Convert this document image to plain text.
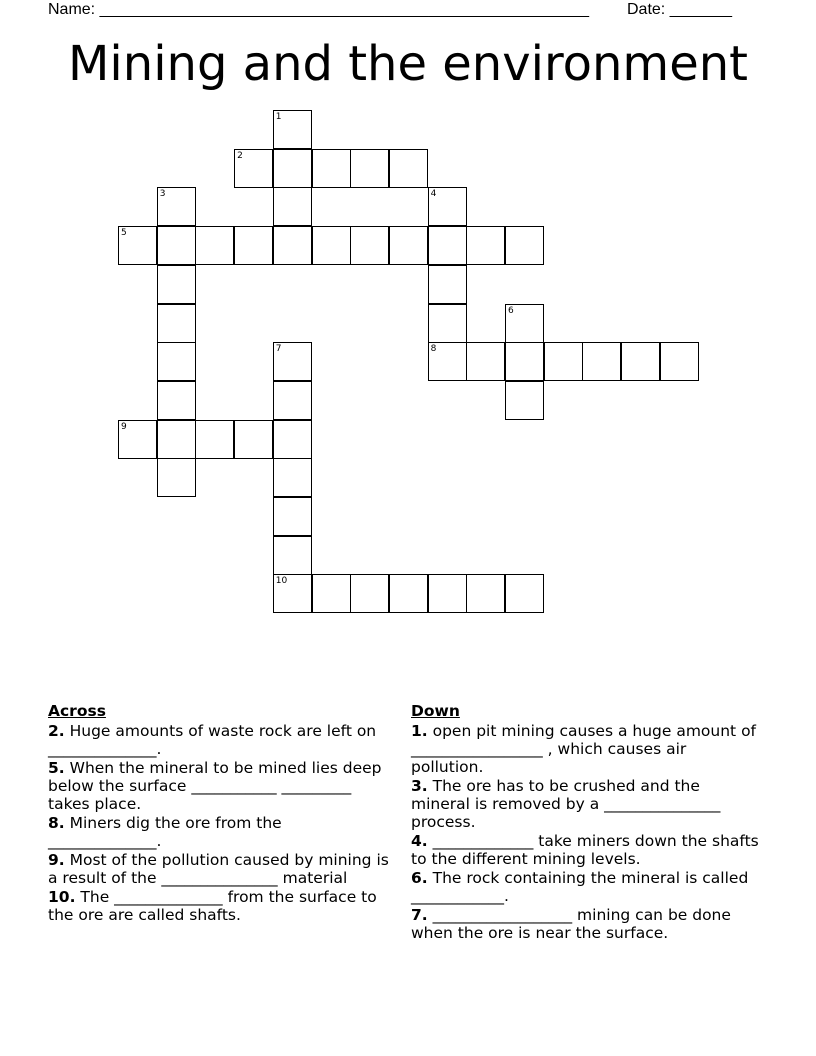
Name: _______________________________________________________ Date: _______
Mining and the environment
1
2
3	4
5
6
7	8
9
10
Across
2. Huge amounts of waste rock are left on ______________.
5. When the mineral to be mined lies deep below the surface ___________ _________ takes place.
8. Miners dig the ore from the ______________.
9. Most of the pollution caused by mining is a result of the _______________ material
10. The ______________ from the surface to the ore are called shafts.
Down
1. open pit mining causes a huge amount of _________________ , which causes air pollution.
3. The ore has to be crushed and the mineral is removed by a _______________ process.
4. _____________ take miners down the shafts to the different mining levels.
6. The rock containing the mineral is called ____________.
7. __________________ mining can be done when the ore is near the surface.
